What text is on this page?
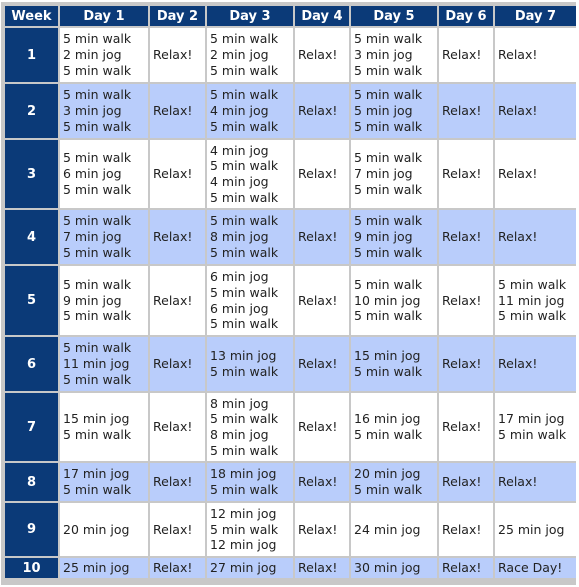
Week	Day 1	Day 2	Day 3	Day 4	Day 5	Day 6	Day 7
1	5 min walk
2 min jog
5 min walk	Relax!	5 min walk
2 min jog
5 min walk	Relax!	5 min walk
3 min jog
5 min walk	Relax!	Relax!

2	5 min walk
3 min jog
5 min walk	Relax!	5 min walk
4 min jog
5 min walk	Relax!	5 min walk
5 min jog
5 min walk	Relax!	Relax!

3	5 min walk
6 min jog
5 min walk	Relax!	4 min jog
5 min walk
4 min jog
5 min walk	Relax!	5 min walk
7 min jog
5 min walk	Relax!	Relax!

4	5 min walk
7 min jog
5 min walk	Relax!	5 min walk
8 min jog
5 min walk	Relax!	5 min walk
9 min jog
5 min walk	Relax!	Relax!

5	5 min walk
9 min jog
5 min walk	Relax!	6 min jog
5 min walk
6 min jog
5 min walk	Relax!	5 min walk
10 min jog
5 min walk	Relax!	5 min walk
11 min jog
5 min walk

6	5 min walk
11 min jog
5 min walk	Relax!	13 min jog
5 min walk	Relax!	15 min jog
5 min walk	Relax!	Relax!

7	15 min jog
5 min walk	Relax!	8 min jog
5 min walk
8 min jog
5 min walk	Relax!	16 min jog
5 min walk	Relax!	17 min jog
5 min walk

8	17 min jog
5 min walk	Relax!	18 min jog
5 min walk	Relax!	20 min jog
5 min walk	Relax!	Relax!

9	20 min jog	Relax!	12 min jog
5 min walk
12 min jog	Relax!	24 min jog	Relax!	25 min jog

10	25 min jog	Relax!	27 min jog	Relax!	30 min jog	Relax!	Race Day!
